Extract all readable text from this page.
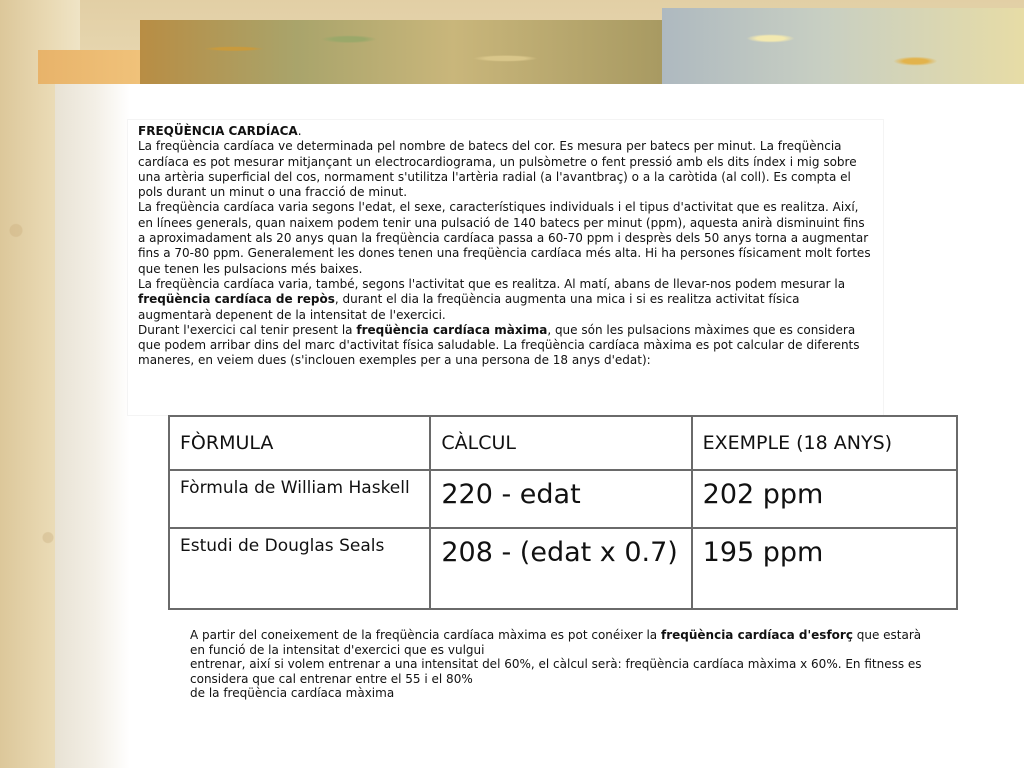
FREQÜÈNCIA CARDÍACA.
La freqüència cardíaca ve determinada pel nombre de batecs del cor. Es mesura per batecs per minut. La freqüència cardíaca es pot mesurar mitjançant un electrocardiograma, un pulsòmetre o fent pressió amb els dits índex i mig sobre una artèria superficial del cos, normament s'utilitza l'artèria radial (a l'avantbraç) o a la caròtida (al coll). Es compta el pols durant un minut o una fracció de minut.
La freqüència cardíaca varia segons l'edat, el sexe, característiques individuals i el tipus d'activitat que es realitza. Així, en línees generals, quan naixem podem tenir una pulsació de 140 batecs per minut (ppm), aquesta anirà disminuint fins a aproximadament als 20 anys quan la freqüència cardíaca passa a 60-70 ppm i desprès dels 50 anys torna a augmentar fins a 70-80 ppm. Generalement les dones tenen una freqüència cardíaca més alta. Hi ha persones físicament molt fortes que tenen les pulsacions més baixes.
La freqüència cardíaca varia, també, segons l'activitat que es realitza. Al matí, abans de llevar-nos podem mesurar la freqüència cardíaca de repòs, durant el dia la freqüència augmenta una mica i si es realitza activitat física augmentarà depenent de la intensitat de l'exercici.
Durant l'exercici cal tenir present la freqüència cardíaca màxima, que són les pulsacions màximes que es considera que podem arribar dins del marc d'activitat física saludable. La freqüència cardíaca màxima es pot calcular de diferents maneres, en veiem dues (s'inclouen exemples per a una persona de 18 anys d'edat):

FÒRMULA	CÀLCUL	EXEMPLE (18 ANYS)
Fòrmula de William Haskell	220 - edat	202 ppm
Estudi de Douglas Seals	208 - (edat x 0.7)	195 ppm

A partir del coneixement de la freqüència cardíaca màxima es pot conéixer la freqüència cardíaca d'esforç que estarà en funció de la intensitat d'exercici que es vulgui
entrenar, així si volem entrenar a una intensitat del 60%, el càlcul serà: freqüència cardíaca màxima x 60%. En fitness es considera que cal entrenar entre el 55 i el 80%
de la freqüència cardíaca màxima
